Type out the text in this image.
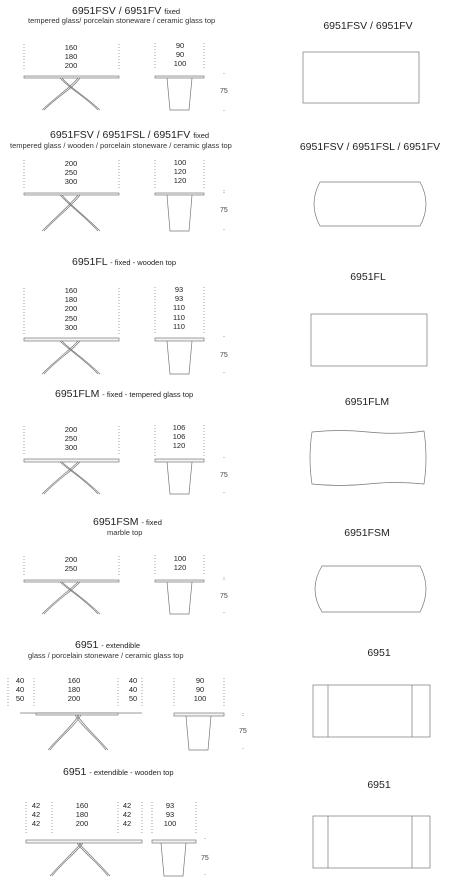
6951FSV / 6951FV fixed
tempered glass/ porcelain stoneware / ceramic glass top
160
180
200
90
90
100
75
6951FSV / 6951FV
6951FSV / 6951FSL / 6951FV fixed
tempered glass / wooden / porcelain stoneware / ceramic glass top
200
250
300
100
120
120
75
6951FSV / 6951FSL / 6951FV
6951FL - fixed - wooden top
160
180
200
250
300
93
93
110
110
110
75
6951FL
6951FLM - fixed - tempered glass top
200
250
300
106
106
120
75
6951FLM
6951FSM - fixed
marble top
200
250
100
120
75
6951FSM
6951 - extendible
glass / porcelain stoneware / ceramic glass top
40
40
50
160
180
200
40
40
50
90
90
100
75
6951
6951 - extendible - wooden top
42
42
42
160
180
200
42
42
42
93
93
100
75
6951
